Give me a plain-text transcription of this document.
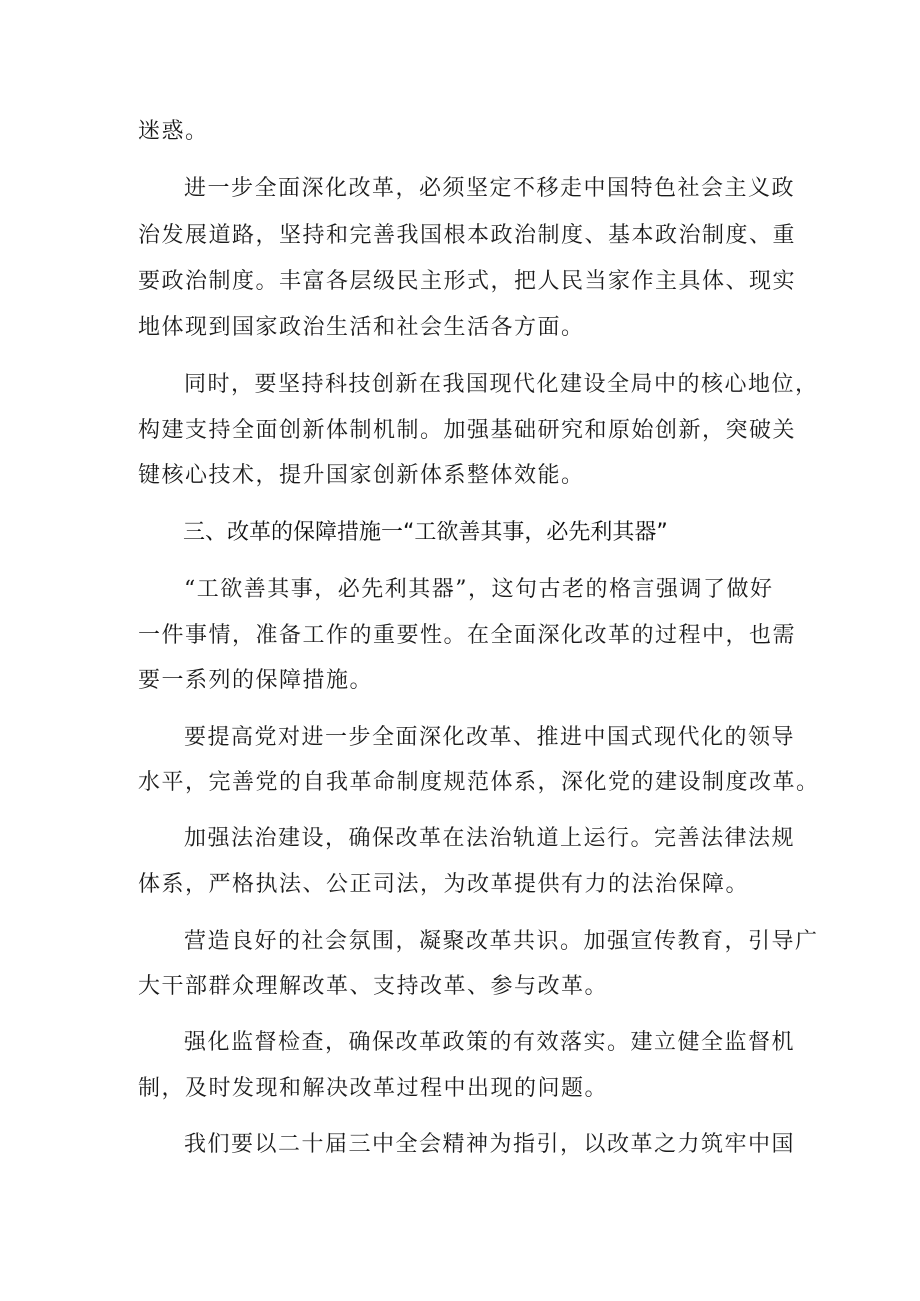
迷惑。
进一步全面深化改革，必须坚定不移走中国特色社会主义政
治发展道路，坚持和完善我国根本政治制度、基本政治制度、重
要政治制度。丰富各层级民主形式，把人民当家作主具体、现实
地体现到国家政治生活和社会生活各方面。
同时，要坚持科技创新在我国现代化建设全局中的核心地位，
构建支持全面创新体制机制。加强基础研究和原始创新，突破关
键核心技术，提升国家创新体系整体效能。
三、改革的保障措施一“工欲善其事，必先利其器”
“工欲善其事，必先利其器”，这句古老的格言强调了做好
一件事情，准备工作的重要性。在全面深化改革的过程中，也需
要一系列的保障措施。
要提高党对进一步全面深化改革、推进中国式现代化的领导
水平，完善党的自我革命制度规范体系，深化党的建设制度改革。
加强法治建设，确保改革在法治轨道上运行。完善法律法规
体系，严格执法、公正司法，为改革提供有力的法治保障。
营造良好的社会氛围，凝聚改革共识。加强宣传教育，引导广
大干部群众理解改革、支持改革、参与改革。
强化监督检查，确保改革政策的有效落实。建立健全监督机
制，及时发现和解决改革过程中出现的问题。
我们要以二十届三中全会精神为指引，以改革之力筑牢中国
